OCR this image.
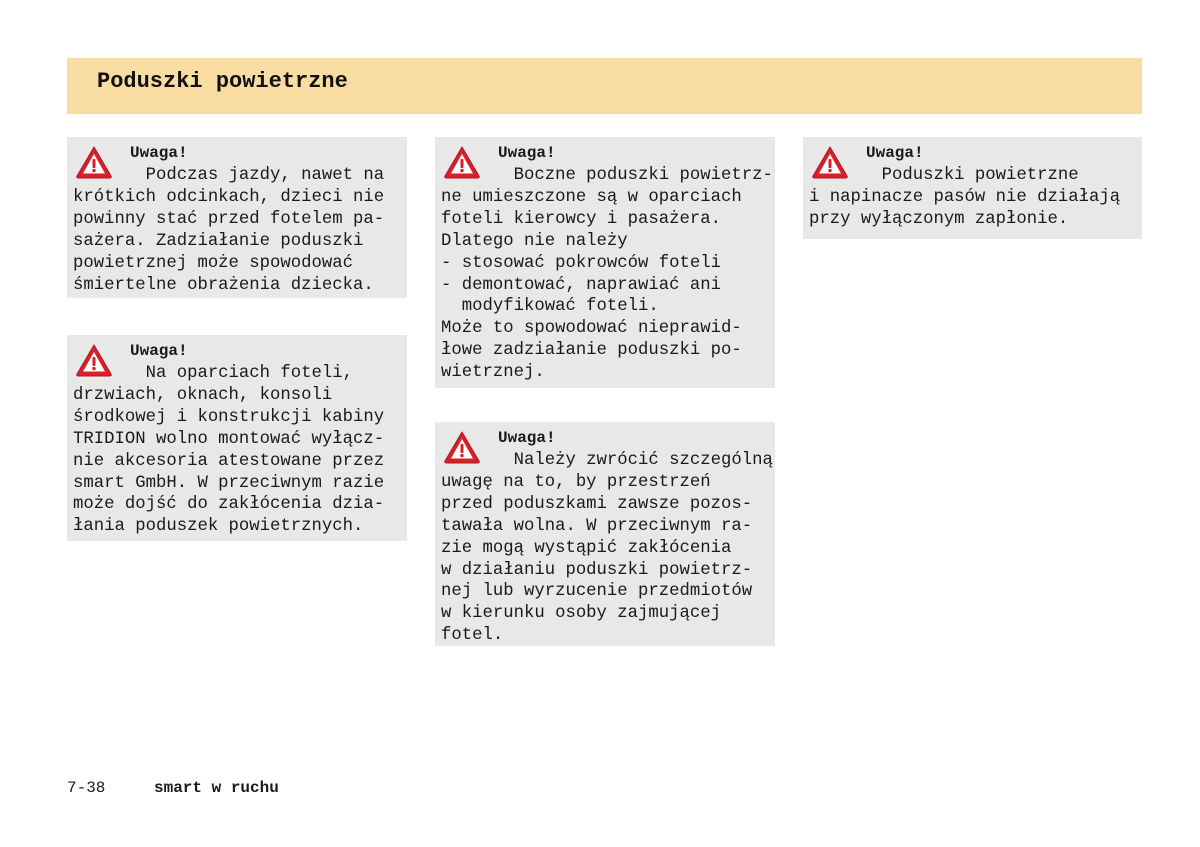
Poduszki powietrzne
Uwaga!
Podczas jazdy, nawet na
krótkich odcinkach, dzieci nie
powinny stać przed fotelem pa-
sażera. Zadziałanie poduszki
powietrznej może spowodować
śmiertelne obrażenia dziecka.
Uwaga!
Na oparciach foteli,
drzwiach, oknach, konsoli
środkowej i konstrukcji kabiny
TRIDION wolno montować wyłącz-
nie akcesoria atestowane przez
smart GmbH. W przeciwnym razie
może dojść do zakłócenia dzia-
łania poduszek powietrznych.
Uwaga!
Boczne poduszki powietrz-
ne umieszczone są w oparciach
foteli kierowcy i pasażera.
Dlatego nie należy
- stosować pokrowców foteli
- demontować, naprawiać ani
modyfikować foteli.
Może to spowodować nieprawid-
łowe zadziałanie poduszki po-
wietrznej.
Uwaga!
Należy zwrócić szczególną
uwagę na to, by przestrzeń
przed poduszkami zawsze pozos-
tawała wolna. W przeciwnym ra-
zie mogą wystąpić zakłócenia
w działaniu poduszki powietrz-
nej lub wyrzucenie przedmiotów
w kierunku osoby zajmującej
fotel.
Uwaga!
Poduszki powietrzne
i napinacze pasów nie działają
przy wyłączonym zapłonie.
7-38	smart w ruchu
